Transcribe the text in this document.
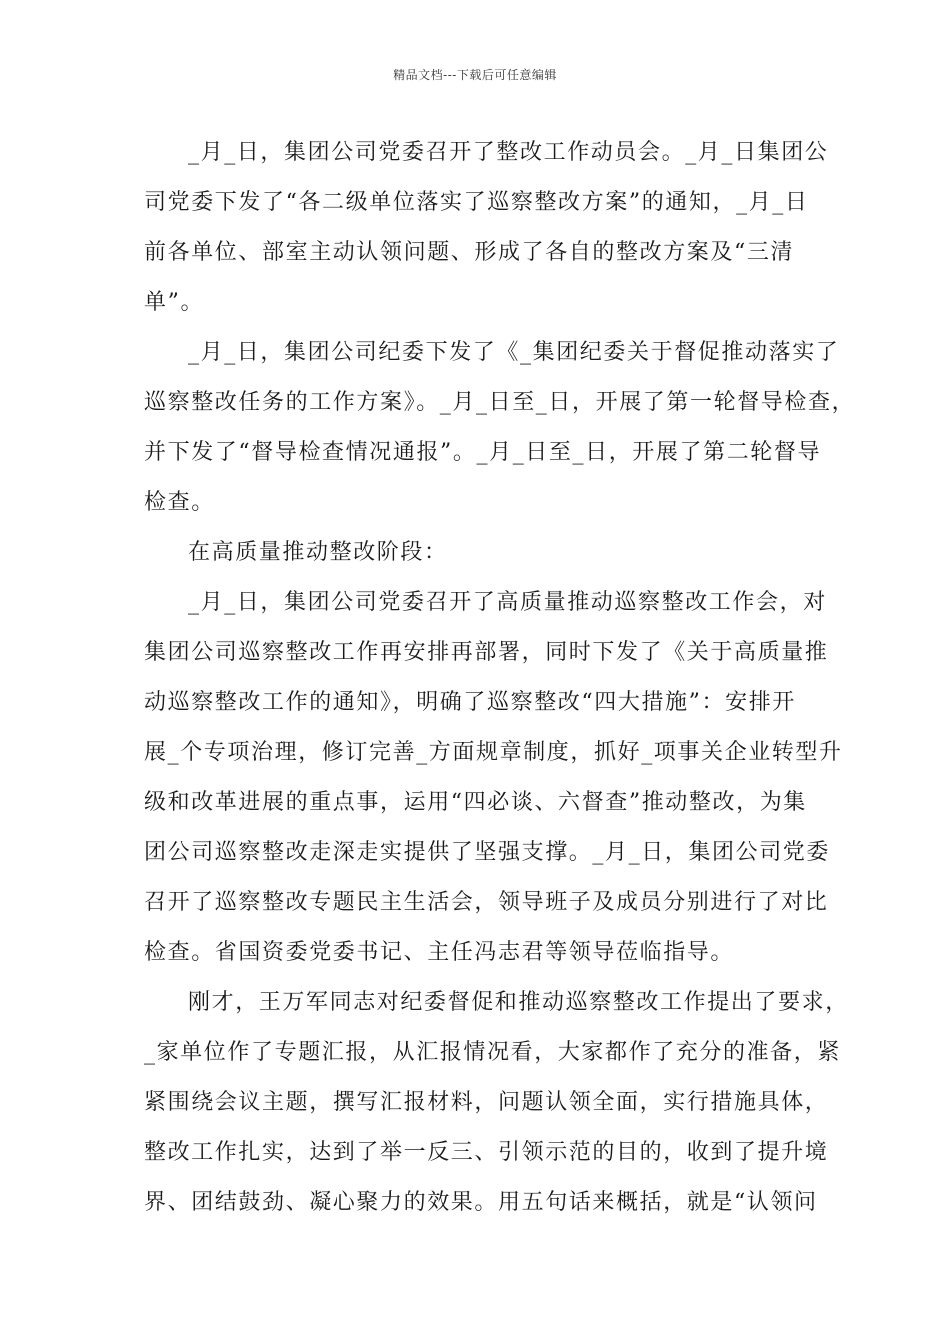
精品文档---下载后可任意编辑
_月_日，集团公司党委召开了整改工作动员会。_月_日集团公
司党委下发了“各二级单位落实了巡察整改方案”的通知，_月_日
前各单位、部室主动认领问题、形成了各自的整改方案及“三清
单”。
_月_日，集团公司纪委下发了《_集团纪委关于督促推动落实了
巡察整改任务的工作方案》。_月_日至_日，开展了第一轮督导检查，
并下发了“督导检查情况通报”。_月_日至_日，开展了第二轮督导
检查。
在高质量推动整改阶段：
_月_日，集团公司党委召开了高质量推动巡察整改工作会，对
集团公司巡察整改工作再安排再部署，同时下发了《关于高质量推
动巡察整改工作的通知》，明确了巡察整改“四大措施”：安排开
展_个专项治理，修订完善_方面规章制度，抓好_项事关企业转型升
级和改革进展的重点事，运用“四必谈、六督查”推动整改，为集
团公司巡察整改走深走实提供了坚强支撑。_月_日，集团公司党委
召开了巡察整改专题民主生活会，领导班子及成员分别进行了对比
检查。省国资委党委书记、主任冯志君等领导莅临指导。
刚才，王万军同志对纪委督促和推动巡察整改工作提出了要求，
_家单位作了专题汇报，从汇报情况看，大家都作了充分的准备，紧
紧围绕会议主题，撰写汇报材料，问题认领全面，实行措施具体，
整改工作扎实，达到了举一反三、引领示范的目的，收到了提升境
界、团结鼓劲、凝心聚力的效果。用五句话来概括，就是“认领问
